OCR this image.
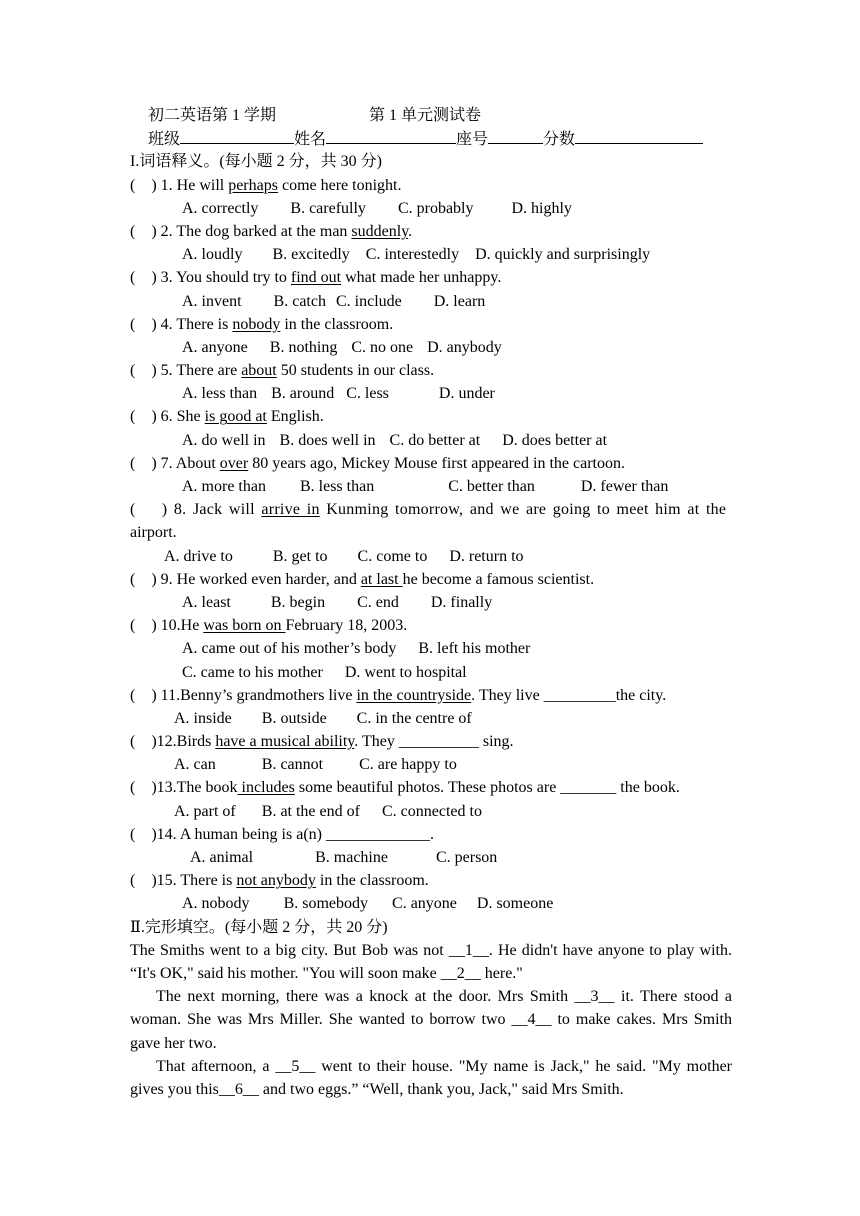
初二英语第 1 学期	第 1 单元测试卷
班级	姓名	座号	分数
I.词语释义。(每小题 2 分，共 30 分)
(    ) 1. He will perhaps come here tonight.
A. correctly B. carefully C. probably D. highly
(    ) 2. The dog barked at the man suddenly.
A. loudly B. excitedly C. interestedly D. quickly and surprisingly
(    ) 3. You should try to find out what made her unhappy.
A. invent B. catch C. include D. learn
(    ) 4. There is nobody in the classroom.
A. anyone B. nothing C. no one D. anybody
(    ) 5. There are about 50 students in our class.
A. less than B. around C. less	D. under
(    ) 6. She is good at English.
A. do well in B. does well in C. do better at D. does better at
(    ) 7. About over 80 years ago, Mickey Mouse first appeared in the cartoon.
A. more than B. less than	C. better than	D. fewer than
(    ) 8. Jack will arrive in Kunming tomorrow, and we are going to meet him at the
airport.
A. drive to	B. get to C. come to D. return to
(    ) 9. He worked even harder, and at last he become a famous scientist.
A. least	B. begin C. end D. finally
(    ) 10.He was born on February 18, 2003.
A. came out of his mother’s body B. left his mother
C. came to his mother D. went to hospital
(    ) 11.Benny’s grandmothers live in the countryside. They live _________the city.
A. inside B. outside C. in the centre of
(    )12.Birds have a musical ability. They __________ sing.
A. can	B. cannot C. are happy to
(    )13.The book includes some beautiful photos. These photos are _______ the book.
A. part of B. at the end of C. connected to
(    )14. A human being is a(n) _____________.
A. animal	B. machine	C. person
(    )15. There is not anybody in the classroom.
A. nobody B. somebody C. anyone D. someone
Ⅱ.完形填空。(每小题 2 分，共 20 分)
The Smiths went to a big city. But Bob was not __1__. He didn't have anyone to play with. “It's OK," said his mother. "You will soon make __2__ here."
The next morning, there was a knock at the door. Mrs Smith __3__ it. There stood a woman. She was Mrs Miller. She wanted to borrow two __4__ to make cakes. Mrs Smith gave her two.
That afternoon, a __5__ went to their house. "My name is Jack," he said. "My mother gives you this__6__ and two eggs.” “Well, thank you, Jack," said Mrs Smith.
